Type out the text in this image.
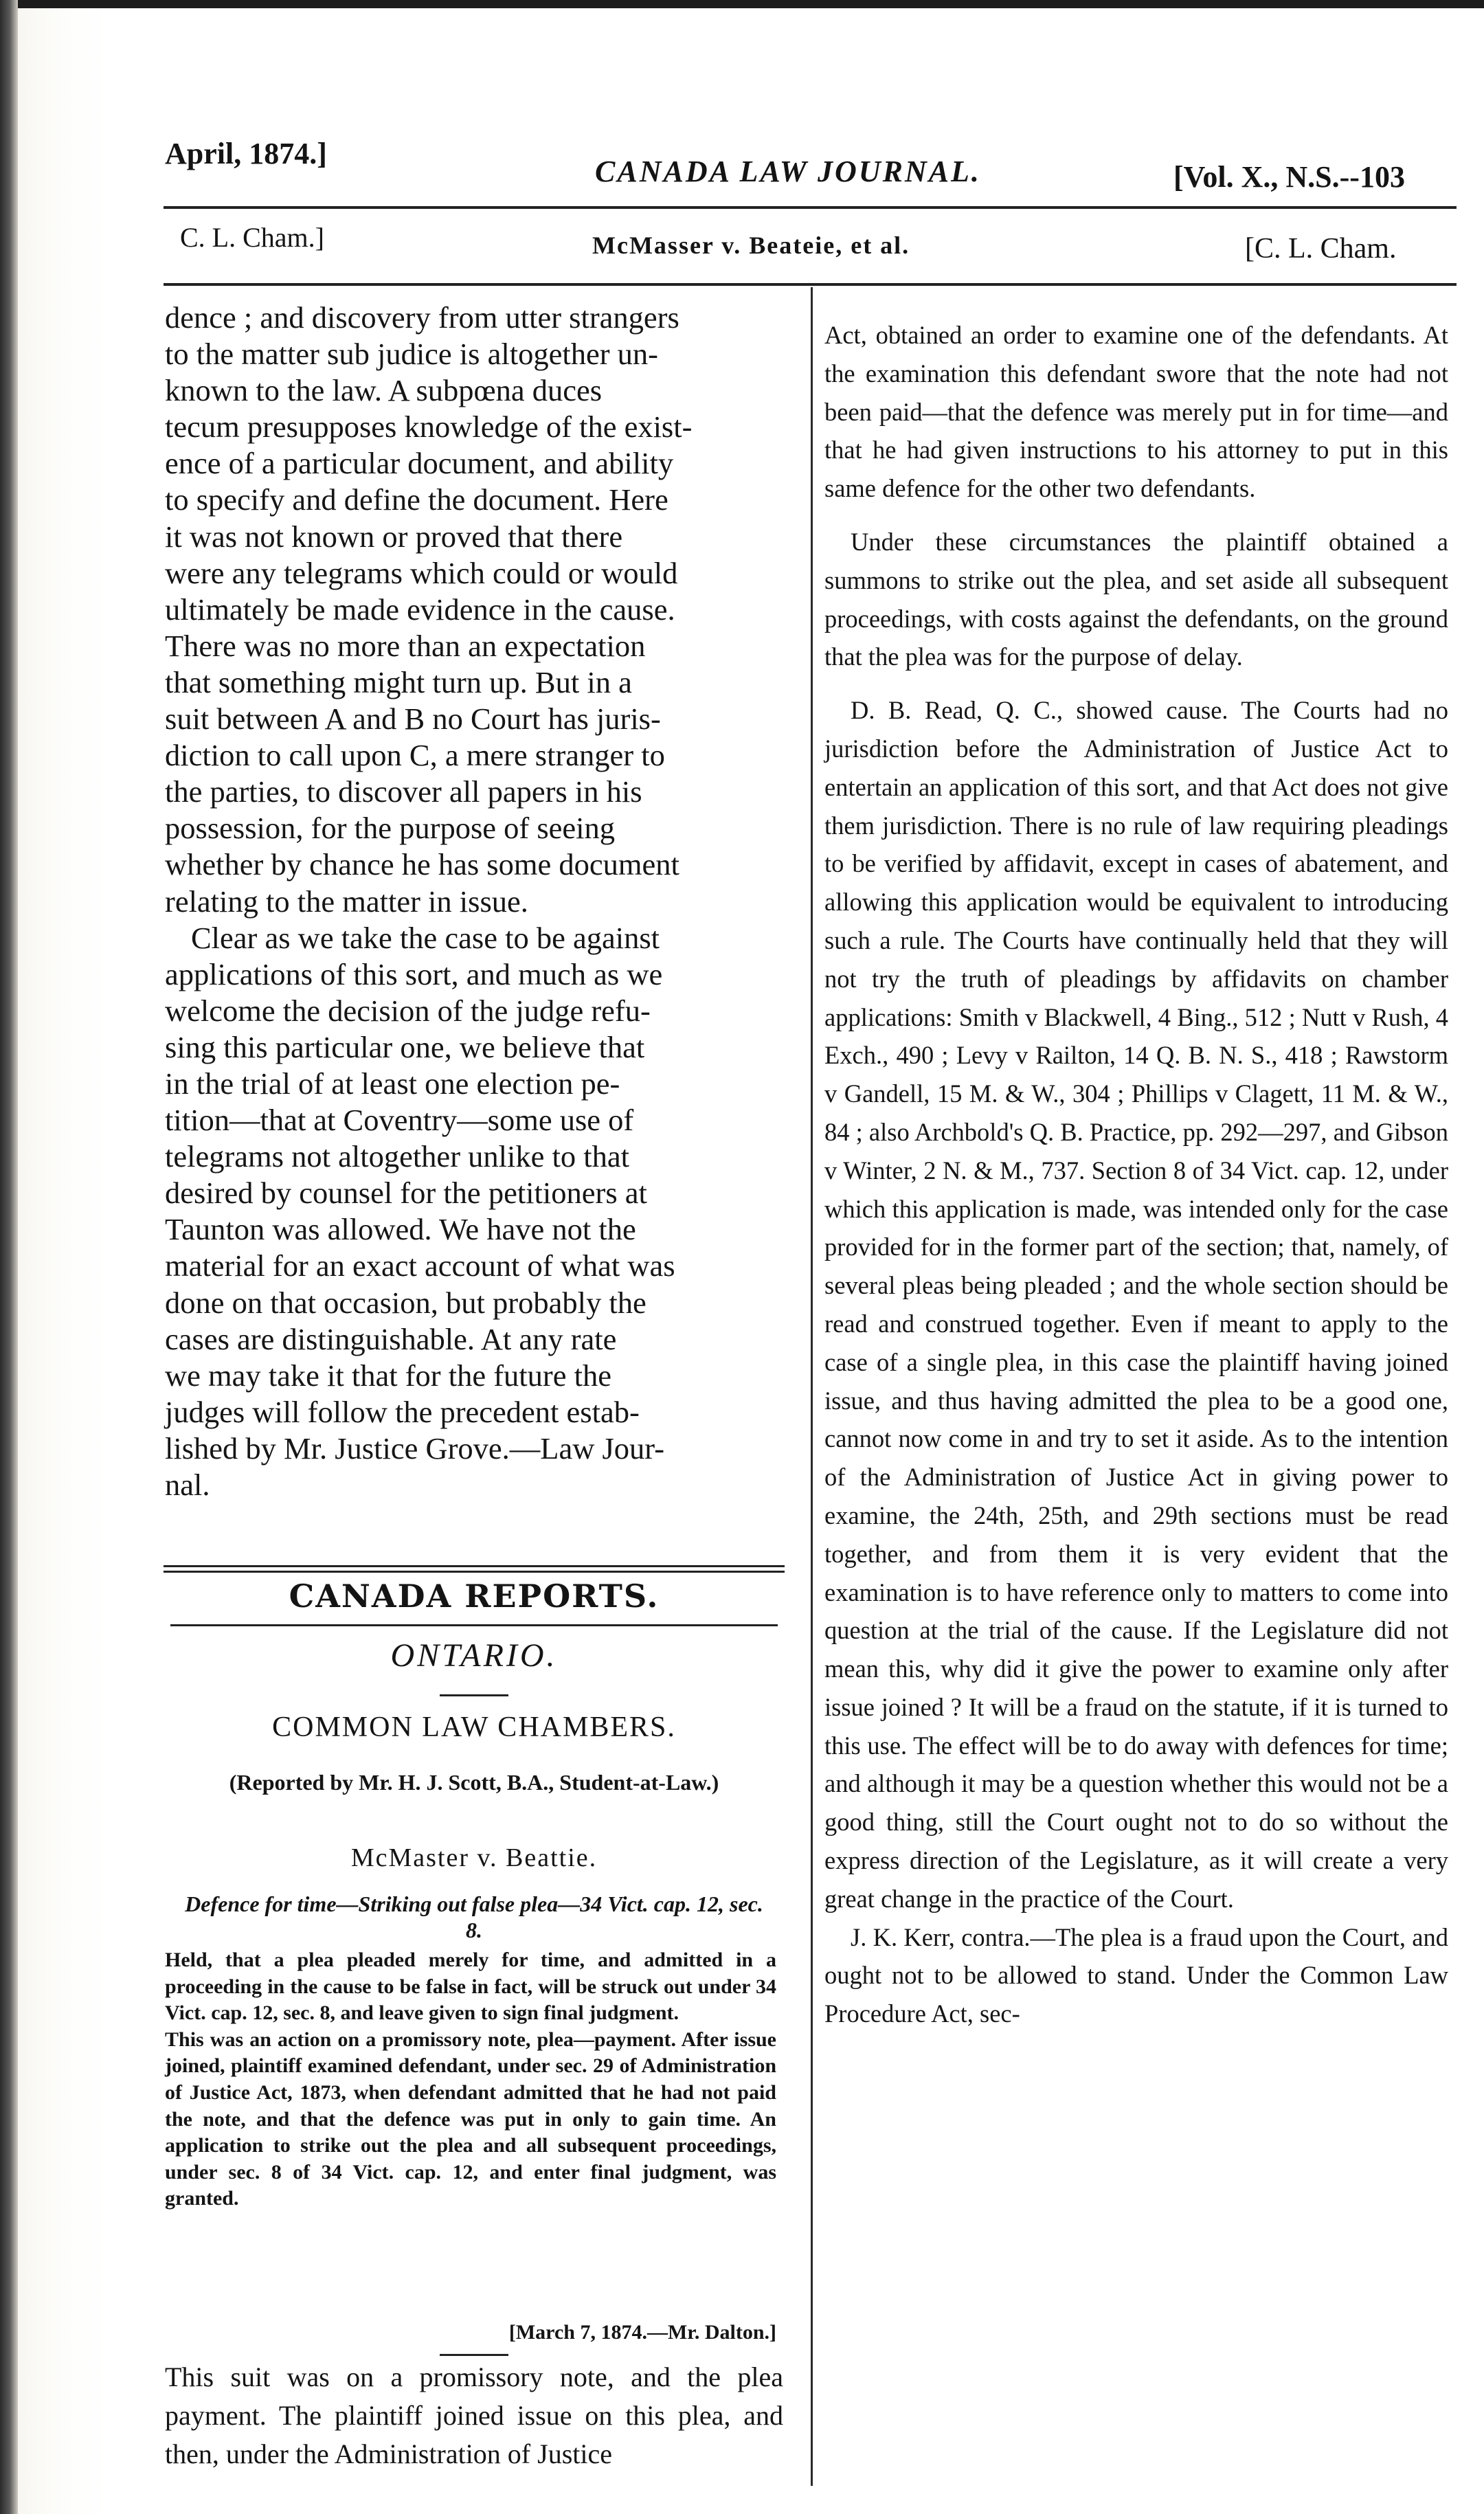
April, 1874.]
CANADA LAW JOURNAL.	[Vol. X., N.S.--103
C. L. Cham.]	McMasser v. Beateie, et al.	[C. L. Cham.
dence ; and discovery from utter strangers
to the matter sub judice is altogether un-
known to the law. A subpœna duces
tecum presupposes knowledge of the exist-
ence of a particular document, and ability
to specify and define the document. Here
it was not known or proved that there
were any telegrams which could or would
ultimately be made evidence in the cause.
There was no more than an expectation
that something might turn up. But in a
suit between A and B no Court has juris-
diction to call upon C, a mere stranger to
the parties, to discover all papers in his
possession, for the purpose of seeing
whether by chance he has some document
relating to the matter in issue.
Clear as we take the case to be against
applications of this sort, and much as we
welcome the decision of the judge refu-
sing this particular one, we believe that
in the trial of at least one election pe-
tition—that at Coventry—some use of
telegrams not altogether unlike to that
desired by counsel for the petitioners at
Taunton was allowed. We have not the
material for an exact account of what was
done on that occasion, but probably the
cases are distinguishable. At any rate
we may take it that for the future the
judges will follow the precedent estab-
lished by Mr. Justice Grove.—Law Jour-
nal.
CANADA REPORTS.
ONTARIO.
COMMON LAW CHAMBERS.
(Reported by Mr. H. J. Scott, B.A., Student-at-Law.)
McMaster v. Beattie.
Defence for time—Striking out false plea—34 Vict. cap. 12, sec. 8.

Held, that a plea pleaded merely for time, and admitted in a proceeding in the cause to be false in fact, will be struck out under 34 Vict. cap. 12, sec. 8, and leave given to sign final judgment.

This was an action on a promissory note, plea—payment. After issue joined, plaintiff examined defendant, under sec. 29 of Administration of Justice Act, 1873, when defendant admitted that he had not paid the note, and that the defence was put in only to gain time. An application to strike out the plea and all subsequent proceedings, under sec. 8 of 34 Vict. cap. 12, and enter final judgment, was granted.

[March 7, 1874.—Mr. Dalton.]

This suit was on a promissory note, and the plea payment. The plaintiff joined issue on this plea, and then, under the Administration of Justice

Act, obtained an order to examine one of the defendants. At the examination this defendant swore that the note had not been paid—that the defence was merely put in for time—and that he had given instructions to his attorney to put in this same defence for the other two defendants.

Under these circumstances the plaintiff obtained a summons to strike out the plea, and set aside all subsequent proceedings, with costs against the defendants, on the ground that the plea was for the purpose of delay.

D. B. Read, Q. C., showed cause. The Courts had no jurisdiction before the Administration of Justice Act to entertain an application of this sort, and that Act does not give them jurisdiction. There is no rule of law requiring pleadings to be verified by affidavit, except in cases of abatement, and allowing this application would be equivalent to introducing such a rule. The Courts have continually held that they will not try the truth of pleadings by affidavits on chamber applications: Smith v Blackwell, 4 Bing., 512 ; Nutt v Rush, 4 Exch., 490 ; Levy v Railton, 14 Q. B. N. S., 418 ; Rawstorm v Gandell, 15 M. & W., 304 ; Phillips v Clagett, 11 M. & W., 84 ; also Archbold's Q. B. Practice, pp. 292—297, and Gibson v Winter, 2 N. & M., 737. Section 8 of 34 Vict. cap. 12, under which this application is made, was intended only for the case provided for in the former part of the section; that, namely, of several pleas being pleaded ; and the whole section should be read and construed together. Even if meant to apply to the case of a single plea, in this case the plaintiff having joined issue, and thus having admitted the plea to be a good one, cannot now come in and try to set it aside. As to the intention of the Administration of Justice Act in giving power to examine, the 24th, 25th, and 29th sections must be read together, and from them it is very evident that the examination is to have reference only to matters to come into question at the trial of the cause. If the Legislature did not mean this, why did it give the power to examine only after issue joined ? It will be a fraud on the statute, if it is turned to this use. The effect will be to do away with defences for time; and although it may be a question whether this would not be a good thing, still the Court ought not to do so without the express direction of the Legislature, as it will create a very great change in the practice of the Court.

J. K. Kerr, contra.—The plea is a fraud upon the Court, and ought not to be allowed to stand. Under the Common Law Procedure Act, sec-
